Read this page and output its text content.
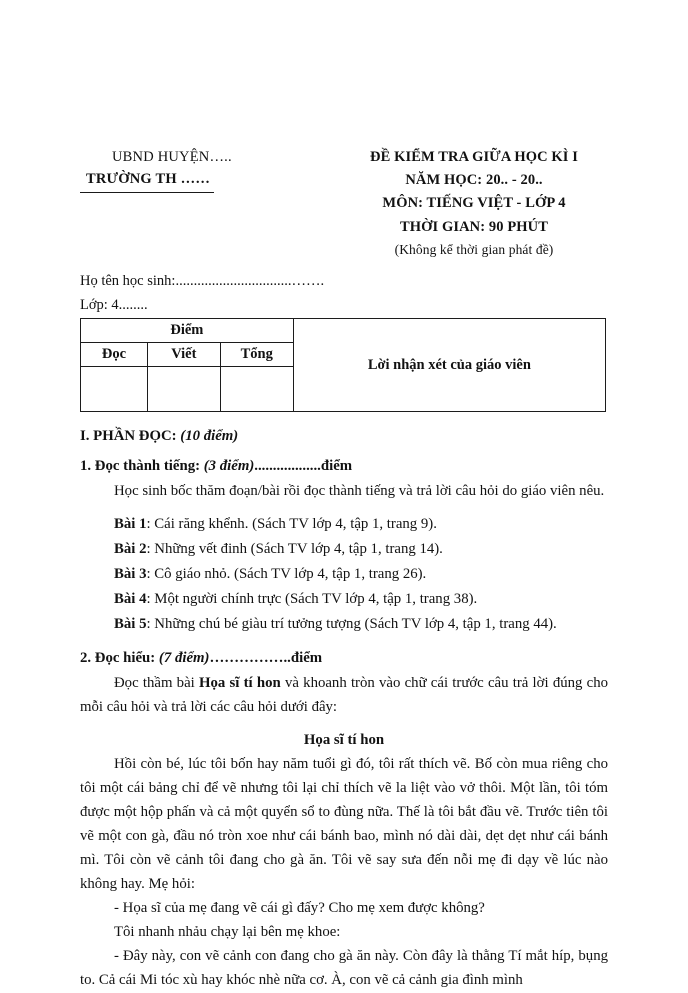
UBND HUYỆN…..
TRƯỜNG TH ……
ĐỀ KIỂM TRA GIỮA HỌC KÌ I
NĂM HỌC: 20.. - 20..
MÔN: TIẾNG VIỆT - LỚP 4
THỜI GIAN: 90 PHÚT
(Không kể thời gian phát đề)
Họ tên học sinh:................................…….
Lớp: 4........
Điểm			Lời nhận xét của giáo viên
Đọc	Viết	Tổng	

I. PHẦN ĐỌC: (10 điểm)
1. Đọc thành tiếng: (3 điểm)..................điểm
Học sinh bốc thăm đoạn/bài rồi đọc thành tiếng và trả lời câu hỏi do giáo viên nêu.
Bài 1: Cái răng khểnh. (Sách TV lớp 4, tập 1, trang 9).
Bài 2: Những vết đinh (Sách TV lớp 4, tập 1, trang 14).
Bài 3: Cô giáo nhỏ. (Sách TV lớp 4, tập 1, trang 26).
Bài 4: Một người chính trực (Sách TV lớp 4, tập 1, trang 38).
Bài 5: Những chú bé giàu trí tưởng tượng (Sách TV lớp 4, tập 1, trang 44).
2. Đọc hiểu: (7 điểm)……………..điểm
Đọc thầm bài Họa sĩ tí hon và khoanh tròn vào chữ cái trước câu trả lời đúng cho mỗi câu hỏi và trả lời các câu hỏi dưới đây:
Họa sĩ tí hon
Hồi còn bé, lúc tôi bốn hay năm tuổi gì đó, tôi rất thích vẽ. Bố còn mua riêng cho tôi một cái bảng chỉ để vẽ nhưng tôi lại chỉ thích vẽ la liệt vào vở thôi. Một lần, tôi tóm được một hộp phấn và cả một quyển sổ to đùng nữa. Thế là tôi bắt đầu vẽ. Trước tiên tôi vẽ một con gà, đầu nó tròn xoe như cái bánh bao, mình nó dài dài, dẹt dẹt như cái bánh mì. Tôi còn vẽ cảnh tôi đang cho gà ăn. Tôi vẽ say sưa đến nỗi mẹ đi dạy về lúc nào không hay. Mẹ hỏi:
- Họa sĩ của mẹ đang vẽ cái gì đấy? Cho mẹ xem được không?
Tôi nhanh nhảu chạy lại bên mẹ khoe:
- Đây này, con vẽ cảnh con đang cho gà ăn này. Còn đây là thằng Tí mắt híp, bụng to. Cả cái Mi tóc xù hay khóc nhè nữa cơ. À, con vẽ cả cảnh gia đình mình
